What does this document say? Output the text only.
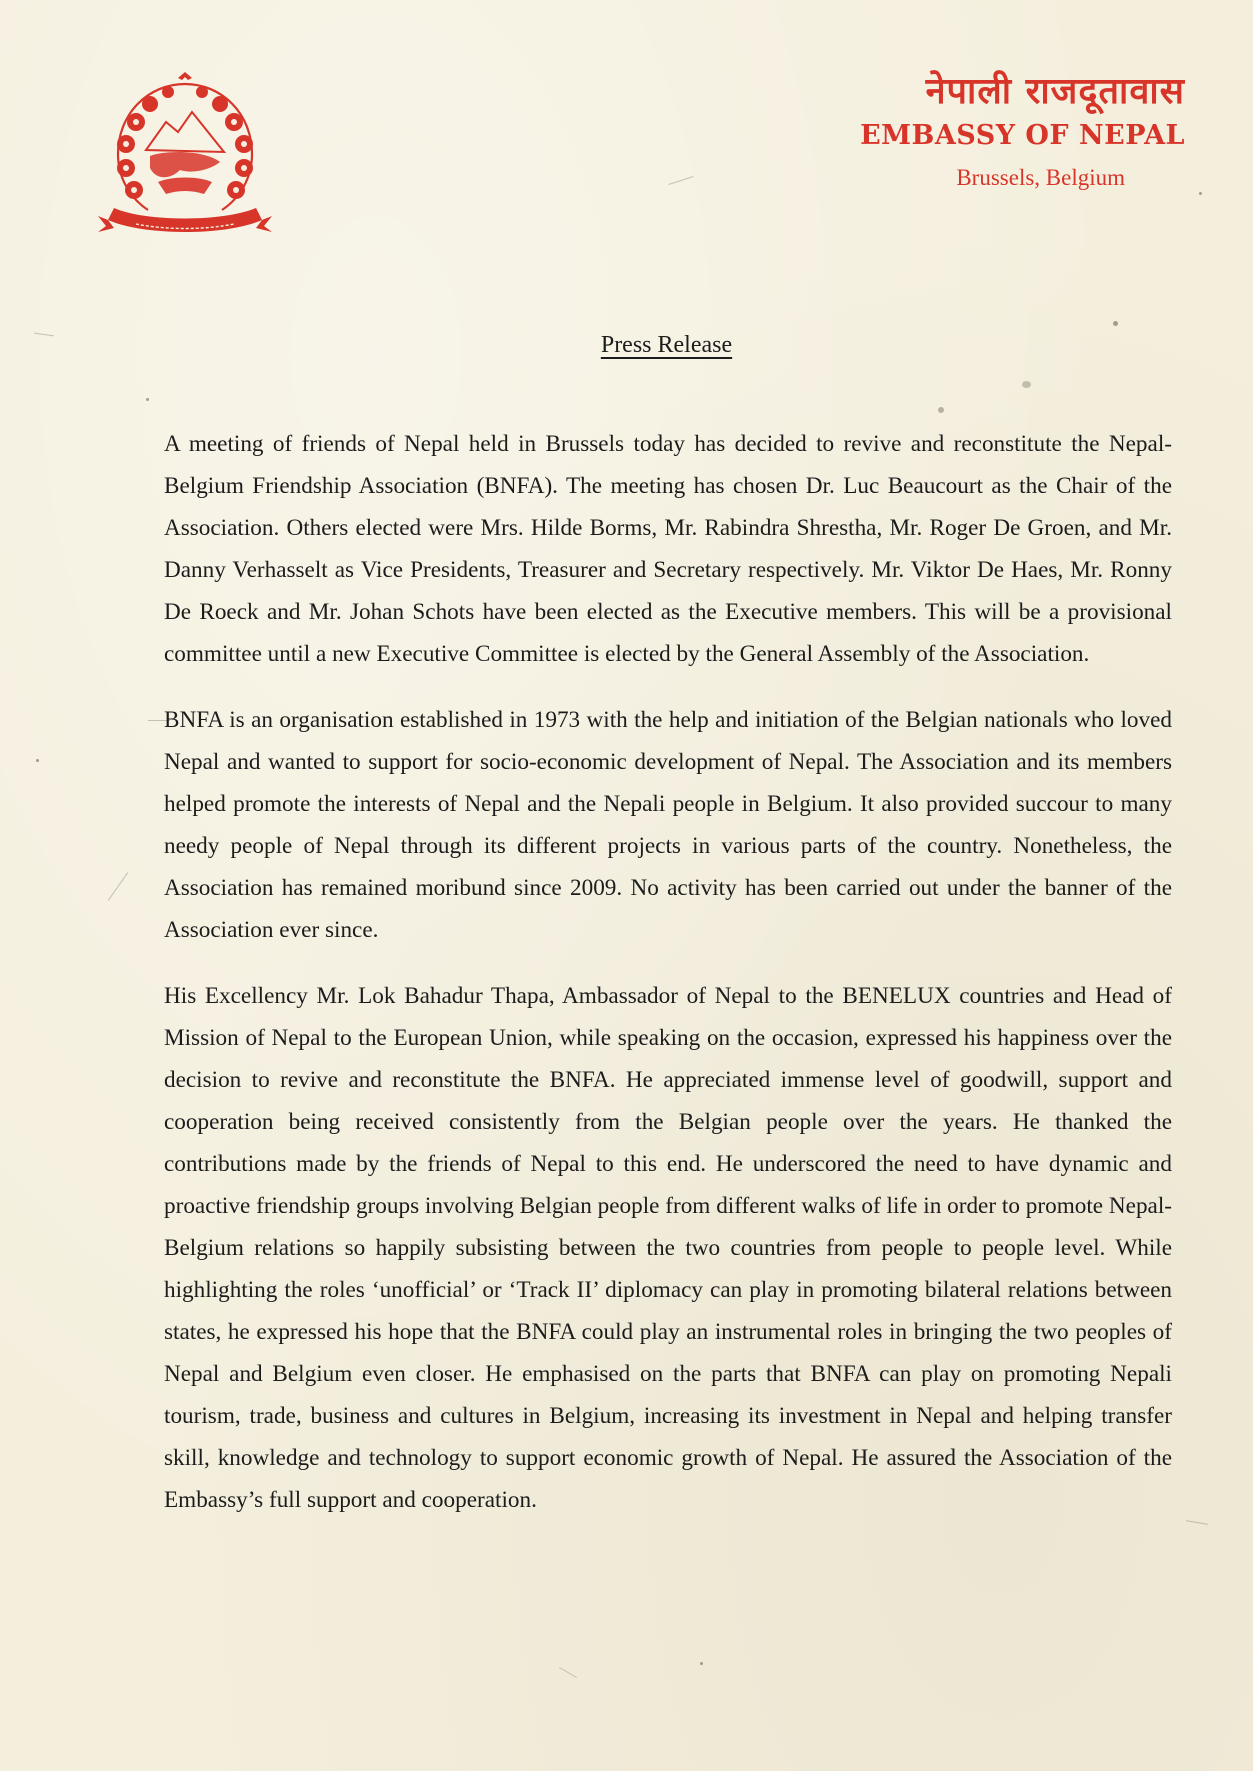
नेपाली राजदूतावास
EMBASSY OF NEPAL
Brussels, Belgium
Press Release

A meeting of friends of Nepal held in Brussels today has decided to revive and reconstitute the Nepal-Belgium Friendship Association (BNFA). The meeting has chosen Dr. Luc Beaucourt as the Chair of the Association. Others elected were Mrs. Hilde Borms, Mr. Rabindra Shrestha, Mr. Roger De Groen, and Mr. Danny Verhasselt as Vice Presidents, Treasurer and Secretary respectively. Mr. Viktor De Haes, Mr. Ronny De Roeck and Mr. Johan Schots have been elected as the Executive members. This will be a provisional committee until a new Executive Committee is elected by the General Assembly of the Association.

BNFA is an organisation established in 1973 with the help and initiation of the Belgian nationals who loved Nepal and wanted to support for socio-economic development of Nepal. The Association and its members helped promote the interests of Nepal and the Nepali people in Belgium. It also provided succour to many needy people of Nepal through its different projects in various parts of the country. Nonetheless, the Association has remained moribund since 2009. No activity has been carried out under the banner of the Association ever since.

His Excellency Mr. Lok Bahadur Thapa, Ambassador of Nepal to the BENELUX countries and Head of Mission of Nepal to the European Union, while speaking on the occasion, expressed his happiness over the decision to revive and reconstitute the BNFA. He appreciated immense level of goodwill, support and cooperation being received consistently from the Belgian people over the years. He thanked the contributions made by the friends of Nepal to this end. He underscored the need to have dynamic and proactive friendship groups involving Belgian people from different walks of life in order to promote Nepal-Belgium relations so happily subsisting between the two countries from people to people level. While highlighting the roles ‘unofficial’ or ‘Track II’ diplomacy can play in promoting bilateral relations between states, he expressed his hope that the BNFA could play an instrumental roles in bringing the two peoples of Nepal and Belgium even closer. He emphasised on the parts that BNFA can play on promoting Nepali tourism, trade, business and cultures in Belgium, increasing its investment in Nepal and helping transfer skill, knowledge and technology to support economic growth of Nepal. He assured the Association of the Embassy’s full support and cooperation.
